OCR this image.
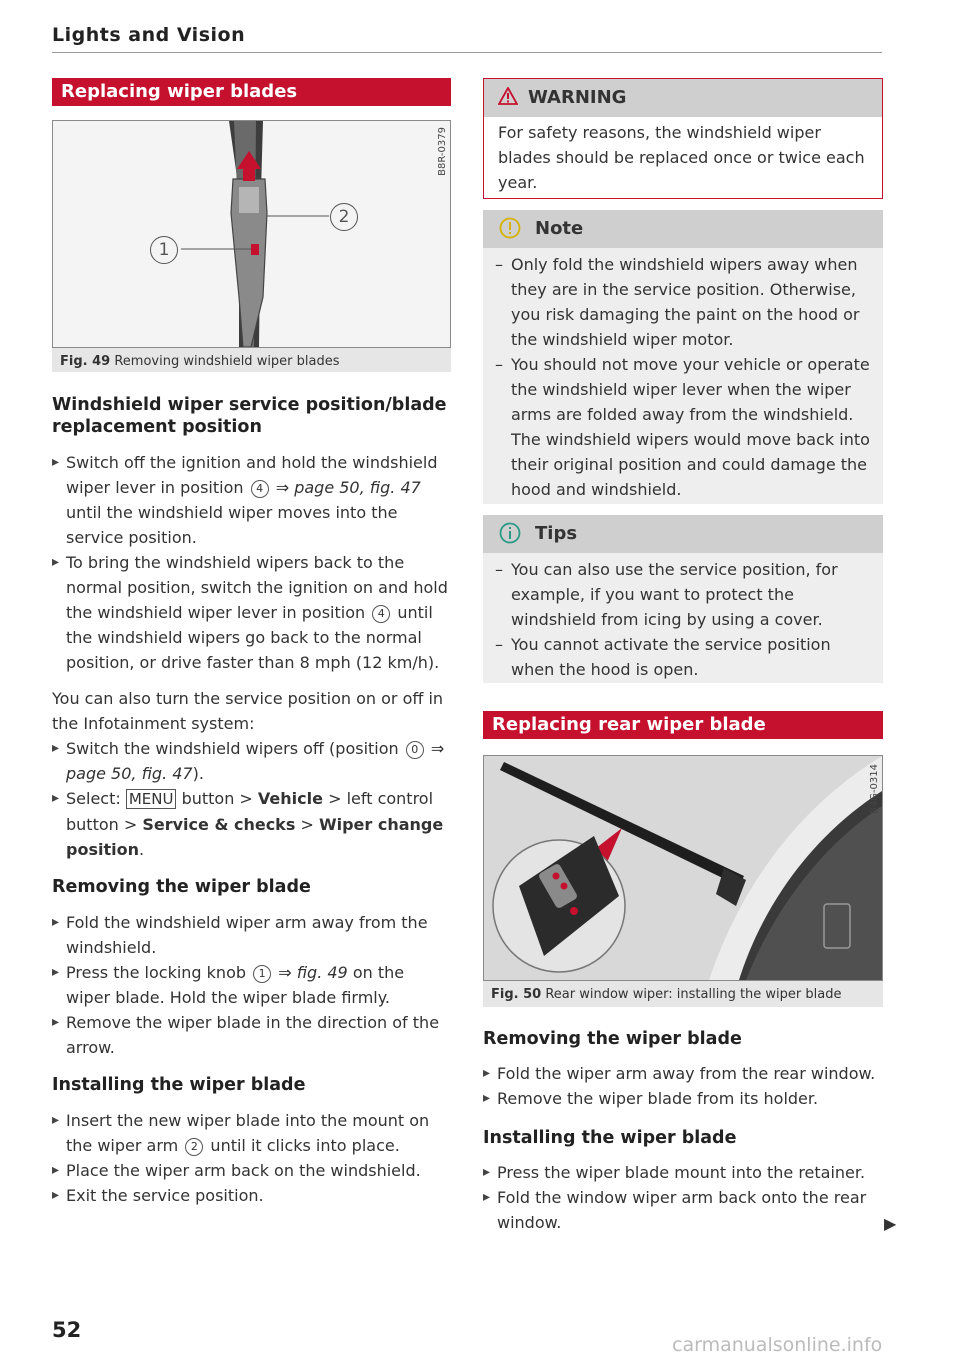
Lights and Vision
Replacing wiper blades
1
2
B8R-0379
Fig. 49 Removing windshield wiper blades
Windshield wiper service position/blade replacement position
▸ Switch off the ignition and hold the windshield wiper lever in position 4 ⇒ page 50, fig. 47 until the windshield wiper moves into the service position.
▸ To bring the windshield wipers back to the normal position, switch the ignition on and hold the windshield wiper lever in position 4 until the windshield wipers go back to the normal position, or drive faster than 8 mph (12 km/h).
You can also turn the service position on or off in the Infotainment system:
▸ Switch the windshield wipers off (position 0 ⇒ page 50, fig. 47).
▸ Select: MENU button > Vehicle > left control button > Service & checks > Wiper change position.
Removing the wiper blade
▸ Fold the windshield wiper arm away from the windshield.
▸ Press the locking knob 1 ⇒ fig. 49 on the wiper blade. Hold the wiper blade firmly.
▸ Remove the wiper blade in the direction of the arrow.
Installing the wiper blade
▸ Insert the new wiper blade into the mount on the wiper arm 2 until it clicks into place.
▸ Place the wiper arm back on the windshield.
▸ Exit the service position.
WARNING
For safety reasons, the windshield wiper blades should be replaced once or twice each year.
Note
– Only fold the windshield wipers away when they are in the service position. Otherwise, you risk damaging the paint on the hood or the windshield wiper motor.
– You should not move your vehicle or operate the windshield wiper lever when the wiper arms are folded away from the windshield. The windshield wipers would move back into their original position and could damage the hood and windshield.
Tips
– You can also use the service position, for example, if you want to protect the windshield from icing by using a cover.
– You cannot activate the service position when the hood is open.
Replacing rear wiper blade
B4G-0314
Fig. 50 Rear window wiper: installing the wiper blade
Removing the wiper blade
▸ Fold the wiper arm away from the rear window.
▸ Remove the wiper blade from its holder.
Installing the wiper blade
▸ Press the wiper blade mount into the retainer.
▸ Fold the window wiper arm back onto the rear window.	▶
52
carmanualsonline.info
